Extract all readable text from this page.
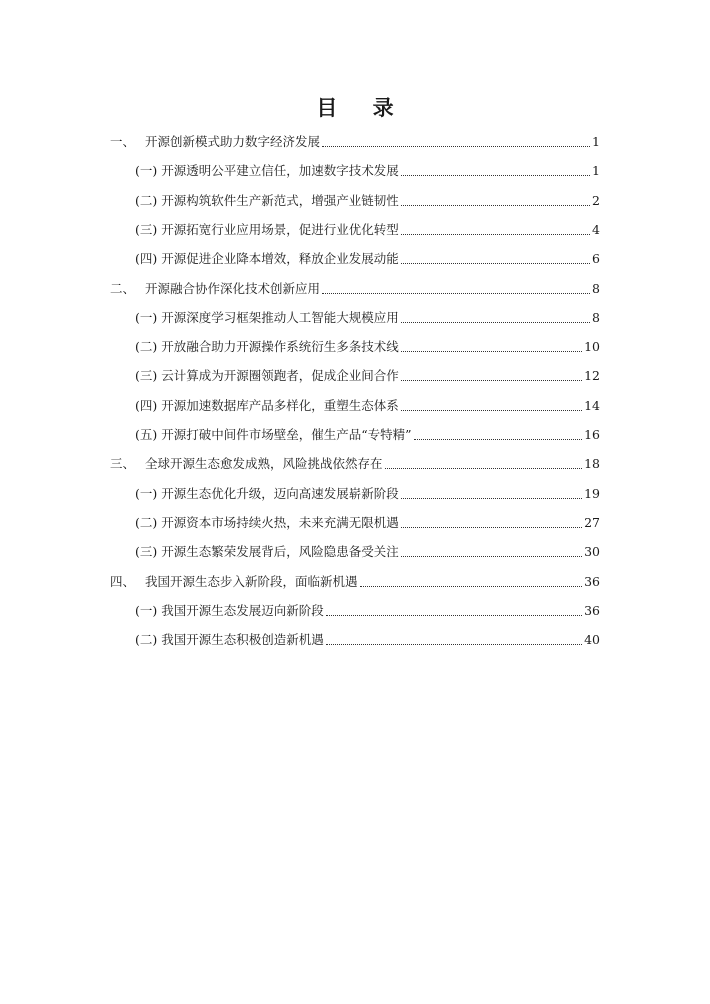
目 录
一、 开源创新模式助力数字经济发展	1
(一) 开源透明公平建立信任，加速数字技术发展	1
(二) 开源构筑软件生产新范式，增强产业链韧性	2
(三) 开源拓宽行业应用场景，促进行业优化转型	4
(四) 开源促进企业降本增效，释放企业发展动能	6
二、 开源融合协作深化技术创新应用	8
(一) 开源深度学习框架推动人工智能大规模应用	8
(二) 开放融合助力开源操作系统衍生多条技术线	10
(三) 云计算成为开源圈领跑者，促成企业间合作	12
(四) 开源加速数据库产品多样化，重塑生态体系	14
(五) 开源打破中间件市场壁垒，催生产品“专特精”	16
三、 全球开源生态愈发成熟，风险挑战依然存在	18
(一) 开源生态优化升级，迈向高速发展崭新阶段	19
(二) 开源资本市场持续火热，未来充满无限机遇	27
(三) 开源生态繁荣发展背后，风险隐患备受关注	30
四、 我国开源生态步入新阶段，面临新机遇	36
(一) 我国开源生态发展迈向新阶段	36
(二) 我国开源生态积极创造新机遇	40
